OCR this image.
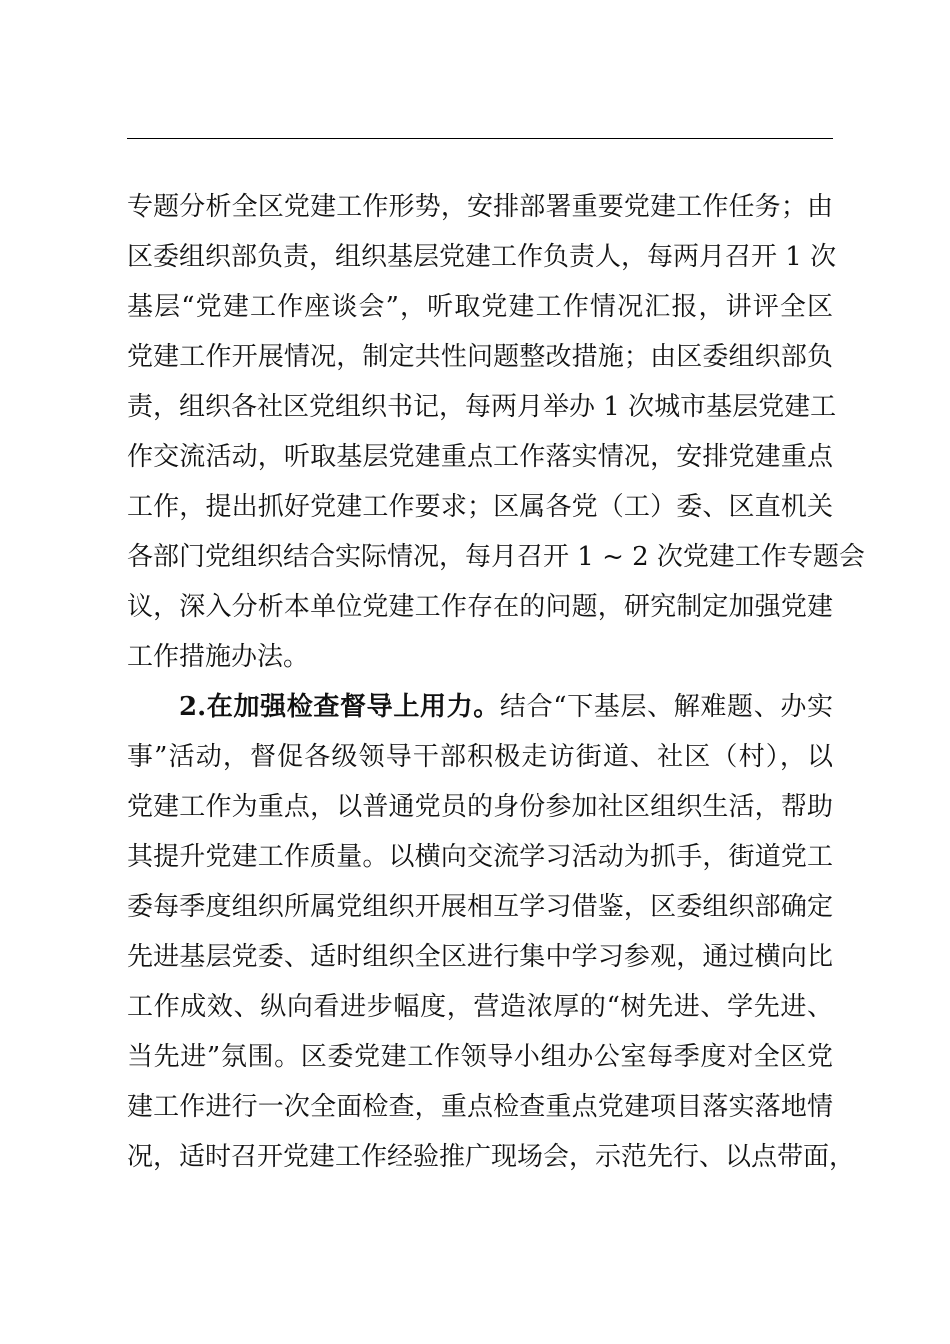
专题分析全区党建工作形势，安排部署重要党建工作任务；由
区委组织部负责，组织基层党建工作负责人，每两月召开 1 次
基层“党建工作座谈会”，听取党建工作情况汇报，讲评全区
党建工作开展情况，制定共性问题整改措施；由区委组织部负
责，组织各社区党组织书记，每两月举办 1 次城市基层党建工
作交流活动，听取基层党建重点工作落实情况，安排党建重点
工作，提出抓好党建工作要求；区属各党（工）委、区直机关
各部门党组织结合实际情况，每月召开 1 ~ 2 次党建工作专题会
议，深入分析本单位党建工作存在的问题，研究制定加强党建
工作措施办法。
2.在加强检查督导上用力。结合“下基层、解难题、办实
事”活动，督促各级领导干部积极走访街道、社区（村），以
党建工作为重点，以普通党员的身份参加社区组织生活，帮助
其提升党建工作质量。以横向交流学习活动为抓手，街道党工
委每季度组织所属党组织开展相互学习借鉴，区委组织部确定
先进基层党委、适时组织全区进行集中学习参观，通过横向比
工作成效、纵向看进步幅度，营造浓厚的“树先进、学先进、
当先进”氛围。区委党建工作领导小组办公室每季度对全区党
建工作进行一次全面检查，重点检查重点党建项目落实落地情
况，适时召开党建工作经验推广现场会，示范先行、以点带面，
